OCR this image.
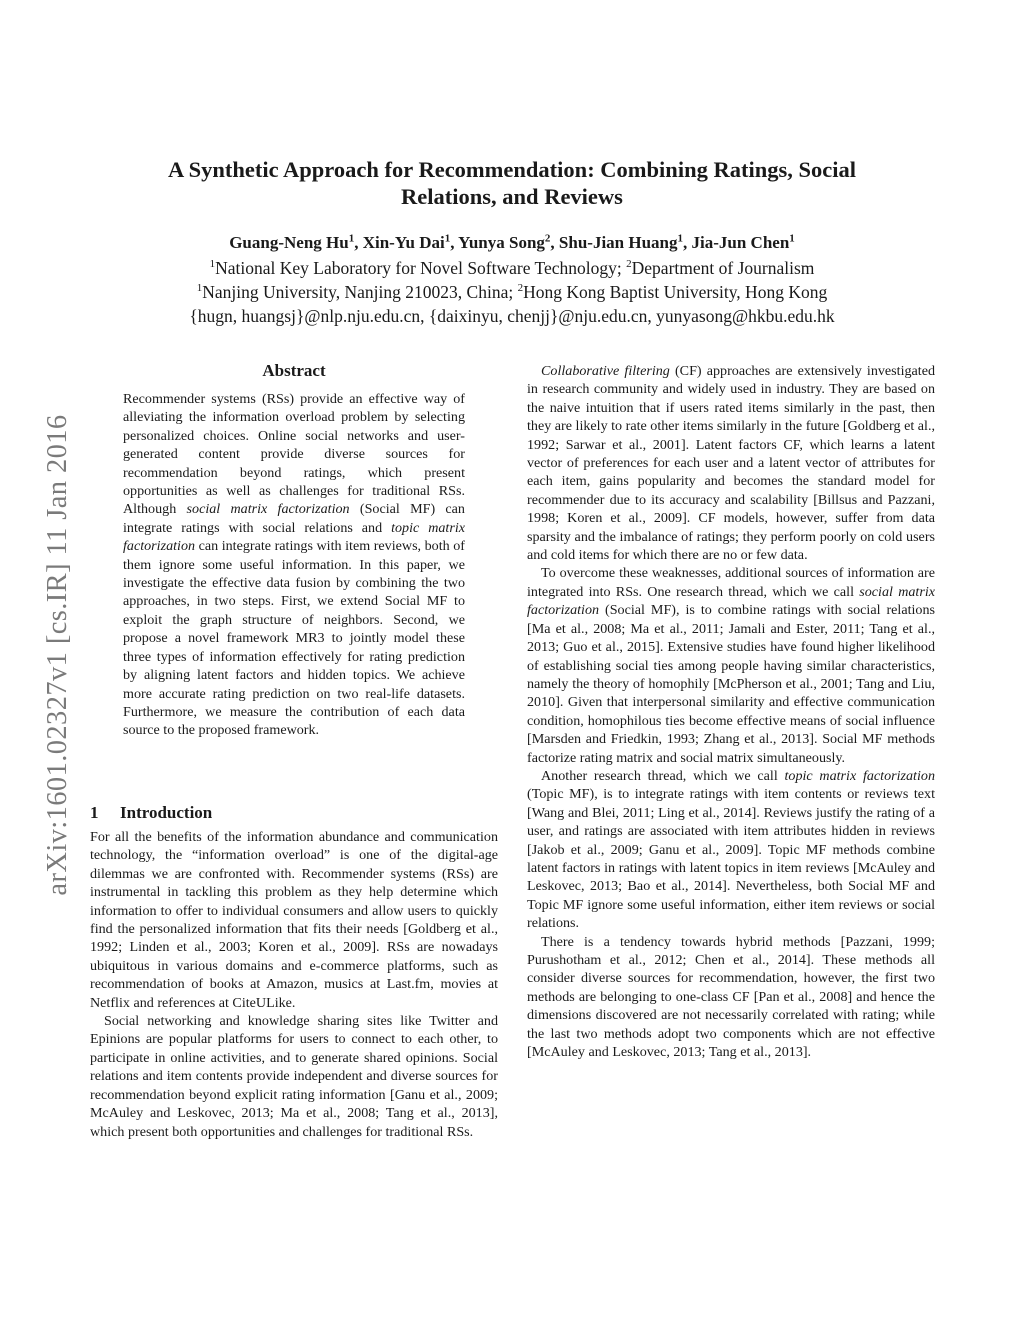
A Synthetic Approach for Recommendation: Combining Ratings, Social Relations, and Reviews
Guang-Neng Hu$^1$, Xin-Yu Dai$^1$, Yunya Song$^2$, Shu-Jian Huang$^1$, Jia-Jun Chen$^1$
$^1$National Key Laboratory for Novel Software Technology; $^2$Department of Journalism
$^1$Nanjing University, Nanjing 210023, China; $^2$Hong Kong Baptist University, Hong Kong
{hugn, huangsj}@nlp.nju.edu.cn, {daixinyu, chenjj}@nju.edu.cn, yunyasong@hkbu.edu.hk
arXiv:1601.02327v1 [cs.IR] 11 Jan 2016
Abstract
Recommender systems (RSs) provide an effective way of alleviating the information overload problem by selecting personalized choices. Online social networks and user-generated content provide diverse sources for recommendation beyond ratings, which present opportunities as well as challenges for traditional RSs. Although social matrix factorization (Social MF) can integrate ratings with social relations and topic matrix factorization can integrate ratings with item reviews, both of them ignore some useful information. In this paper, we investigate the effective data fusion by combining the two approaches, in two steps. First, we extend Social MF to exploit the graph structure of neighbors. Second, we propose a novel framework MR3 to jointly model these three types of information effectively for rating prediction by aligning latent factors and hidden topics. We achieve more accurate rating prediction on two real-life datasets. Furthermore, we measure the contribution of each data source to the proposed framework.
1 Introduction

For all the benefits of the information abundance and communication technology, the “information overload” is one of the digital-age dilemmas we are confronted with. Recommender systems (RSs) are instrumental in tackling this problem as they help determine which information to offer to individual consumers and allow users to quickly find the personalized information that fits their needs [Goldberg et al., 1992; Linden et al., 2003; Koren et al., 2009]. RSs are nowadays ubiquitous in various domains and e-commerce platforms, such as recommendation of books at Amazon, musics at Last.fm, movies at Netflix and references at CiteULike.

Social networking and knowledge sharing sites like Twitter and Epinions are popular platforms for users to connect to each other, to participate in online activities, and to generate shared opinions. Social relations and item contents provide independent and diverse sources for recommendation beyond explicit rating information [Ganu et al., 2009; McAuley and Leskovec, 2013; Ma et al., 2008; Tang et al., 2013], which present both opportunities and challenges for traditional RSs.

Collaborative filtering (CF) approaches are extensively investigated in research community and widely used in industry. They are based on the naive intuition that if users rated items similarly in the past, then they are likely to rate other items similarly in the future [Goldberg et al., 1992; Sarwar et al., 2001]. Latent factors CF, which learns a latent vector of preferences for each user and a latent vector of attributes for each item, gains popularity and becomes the standard model for recommender due to its accuracy and scalability [Billsus and Pazzani, 1998; Koren et al., 2009]. CF models, however, suffer from data sparsity and the imbalance of ratings; they perform poorly on cold users and cold items for which there are no or few data.

To overcome these weaknesses, additional sources of information are integrated into RSs. One research thread, which we call social matrix factorization (Social MF), is to combine ratings with social relations [Ma et al., 2008; Ma et al., 2011; Jamali and Ester, 2011; Tang et al., 2013; Guo et al., 2015]. Extensive studies have found higher likelihood of establishing social ties among people having similar characteristics, namely the theory of homophily [McPherson et al., 2001; Tang and Liu, 2010]. Given that interpersonal similarity and effective communication condition, homophilous ties become effective means of social influence [Marsden and Friedkin, 1993; Zhang et al., 2013]. Social MF methods factorize rating matrix and social matrix simultaneously.

Another research thread, which we call topic matrix factorization (Topic MF), is to integrate ratings with item contents or reviews text [Wang and Blei, 2011; Ling et al., 2014]. Reviews justify the rating of a user, and ratings are associated with item attributes hidden in reviews [Jakob et al., 2009; Ganu et al., 2009]. Topic MF methods combine latent factors in ratings with latent topics in item reviews [McAuley and Leskovec, 2013; Bao et al., 2014]. Nevertheless, both Social MF and Topic MF ignore some useful information, either item reviews or social relations.

There is a tendency towards hybrid methods [Pazzani, 1999; Purushotham et al., 2012; Chen et al., 2014]. These methods all consider diverse sources for recommendation, however, the first two methods are belonging to one-class CF [Pan et al., 2008] and hence the dimensions discovered are not necessarily correlated with rating; while the last two methods adopt two components which are not effective [McAuley and Leskovec, 2013; Tang et al., 2013].
